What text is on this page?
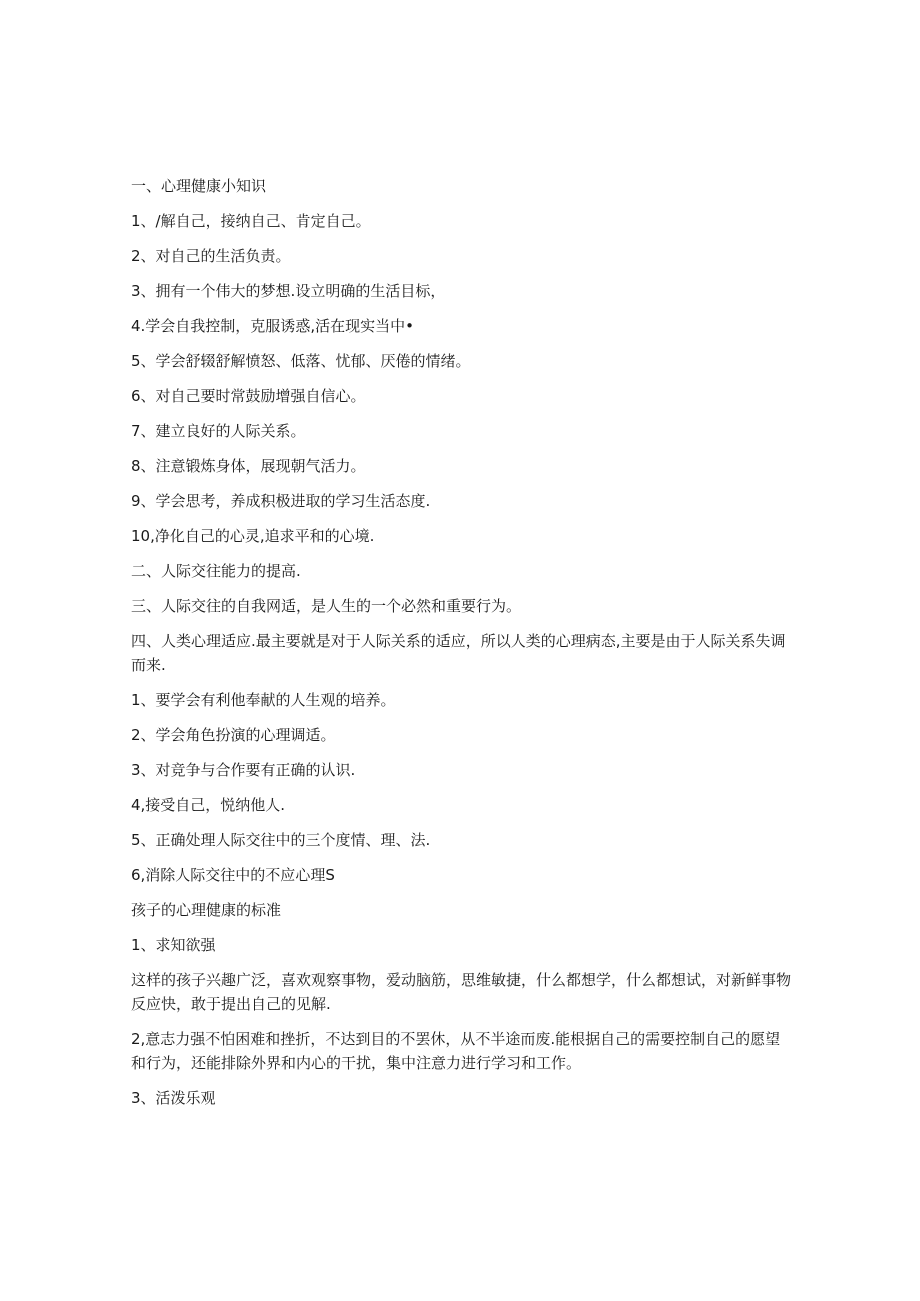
一、心理健康小知识

1、/解自己，接纳自己、肯定自己。

2、对自己的生活负责。

3、拥有一个伟大的梦想.设立明确的生活目标，

4.学会自我控制，克服诱惑,活在现实当中•

5、学会舒辍舒解愤怒、低落、忧郁、厌倦的情绪。

6、对自己要时常鼓励增强自信心。

7、建立良好的人际关系。

8、注意锻炼身体，展现朝气活力。

9、学会思考，养成积极进取的学习生活态度.

10,净化自己的心灵,追求平和的心境.

二、人际交往能力的提高.

三、人际交往的自我网适，是人生的一个必然和重要行为。

四、人类心理适应.最主要就是对于人际关系的适应，所以人类的心理病态,主要是由于人际关系失调而来.

1、要学会有利他奉献的人生观的培养。

2、学会角色扮演的心理调适。

3、对竞争与合作要有正确的认识.

4,接受自己，悦纳他人.

5、正确处理人际交往中的三个度情、理、法.

6,消除人际交往中的不应心理S

孩子的心理健康的标准

1、求知欲强

这样的孩子兴趣广泛，喜欢观察事物，爱动脑筋，思维敏捷，什么都想学，什么都想试，对新鲜事物反应快，敢于提出自己的见解.

2,意志力强不怕困难和挫折，不达到目的不罢休，从不半途而废.能根据自己的需要控制自己的愿望和行为，还能排除外界和内心的干扰，集中注意力进行学习和工作。

3、活泼乐观
